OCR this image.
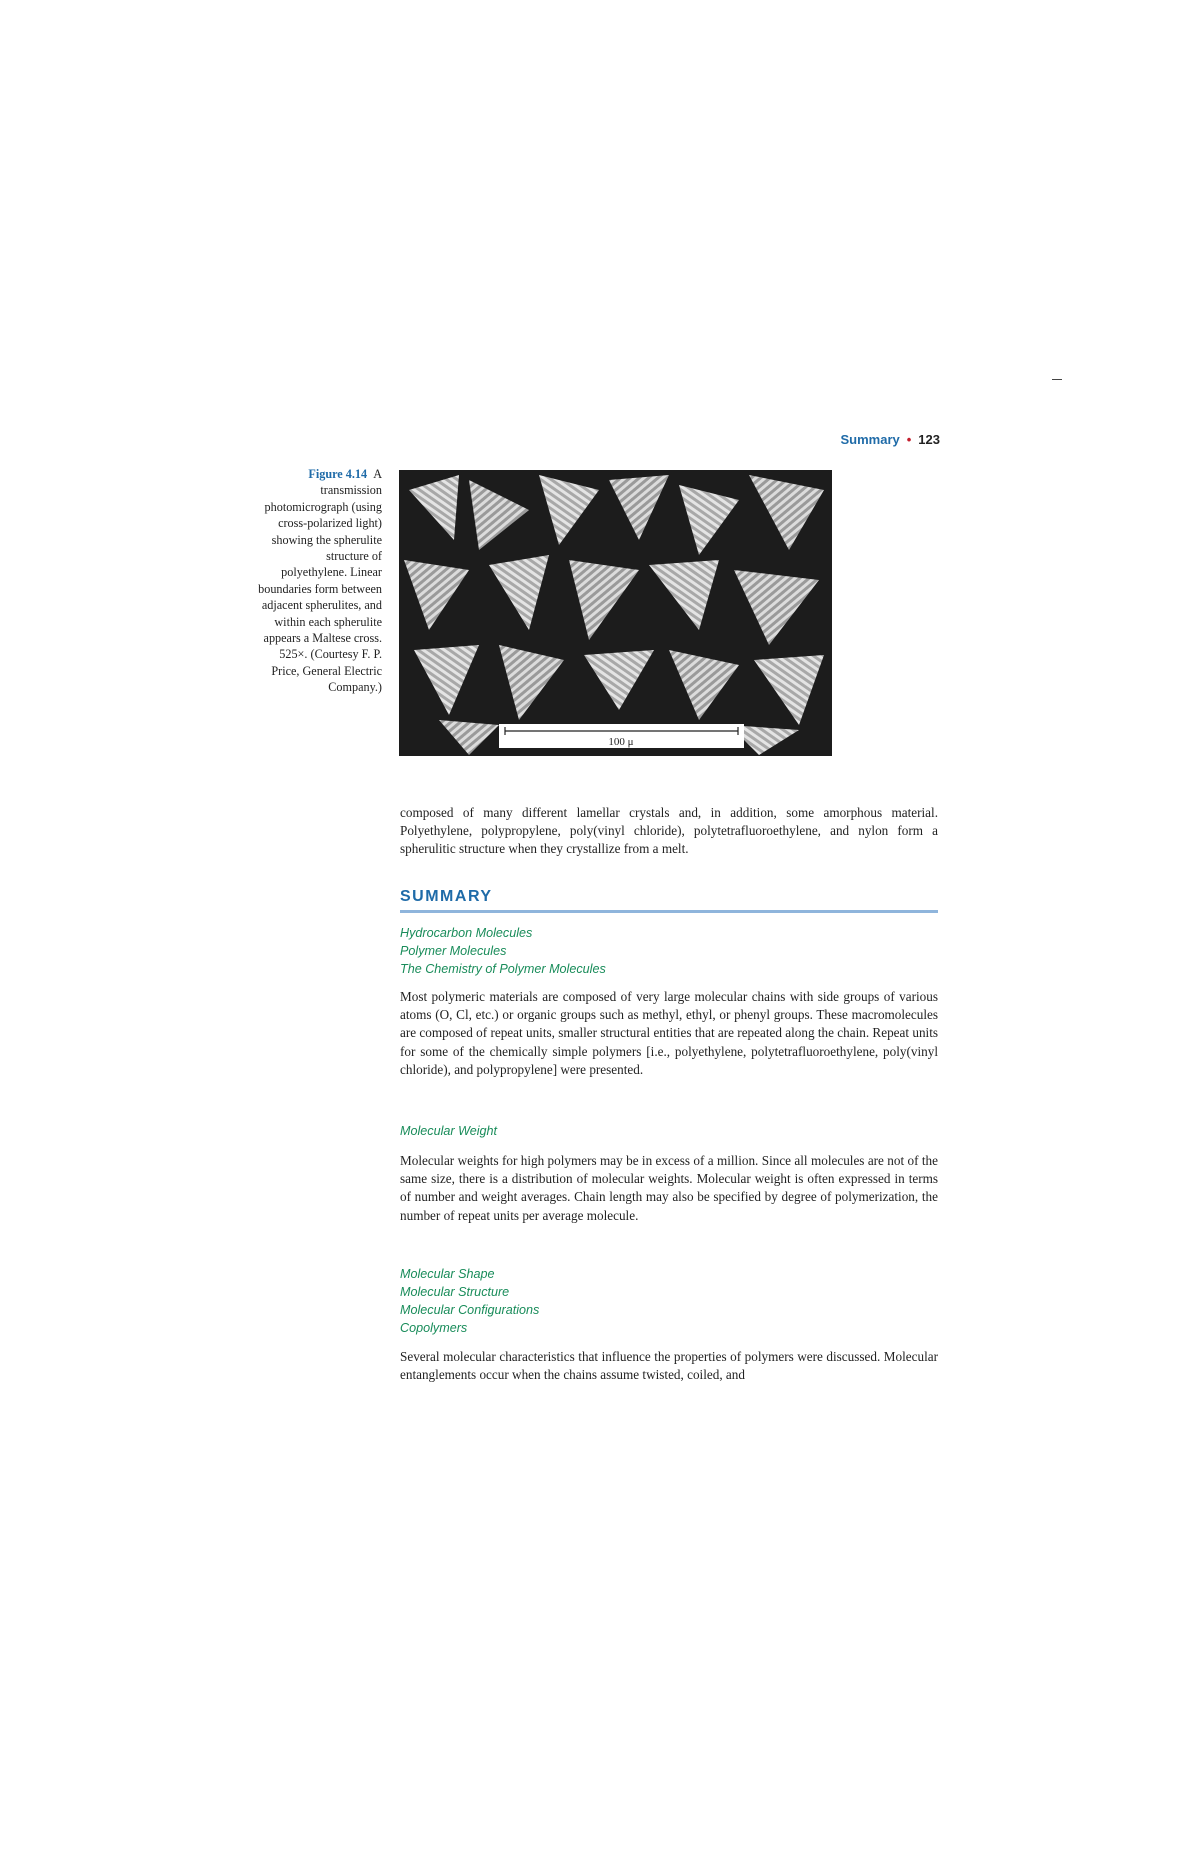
Summary • 123
Figure 4.14 A transmission photomicrograph (using cross-polarized light) showing the spherulite structure of polyethylene. Linear boundaries form between adjacent spherulites, and within each spherulite appears a Maltese cross. 525×. (Courtesy F. P. Price, General Electric Company.)
100 μ
composed of many different lamellar crystals and, in addition, some amorphous material. Polyethylene, polypropylene, poly(vinyl chloride), polytetrafluoroethylene, and nylon form a spherulitic structure when they crystallize from a melt.
SUMMARY
Hydrocarbon Molecules
Polymer Molecules
The Chemistry of Polymer Molecules
Most polymeric materials are composed of very large molecular chains with side groups of various atoms (O, Cl, etc.) or organic groups such as methyl, ethyl, or phenyl groups. These macromolecules are composed of repeat units, smaller structural entities that are repeated along the chain. Repeat units for some of the chemically simple polymers [i.e., polyethylene, polytetrafluoroethylene, poly(vinyl chloride), and polypropylene] were presented.
Molecular Weight
Molecular weights for high polymers may be in excess of a million. Since all molecules are not of the same size, there is a distribution of molecular weights. Molecular weight is often expressed in terms of number and weight averages. Chain length may also be specified by degree of polymerization, the number of repeat units per average molecule.
Molecular Shape
Molecular Structure
Molecular Configurations
Copolymers
Several molecular characteristics that influence the properties of polymers were discussed. Molecular entanglements occur when the chains assume twisted, coiled, and
